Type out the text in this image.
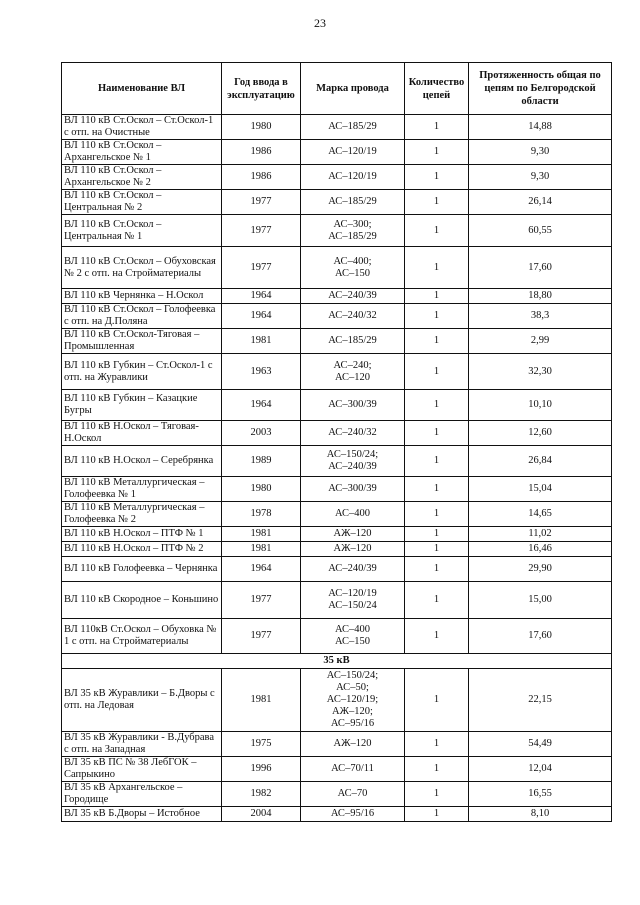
23
Наименование ВЛ	Год ввода в эксплуатацию	Марка провода	Количество цепей	Протяженность общая по цепям по Белгородской области
ВЛ 110 кВ Ст.Оскол – Ст.Оскол-1 с отп. на Очистные	1980	АС–185/29	1	14,88
ВЛ 110 кВ Ст.Оскол – Архангельское № 1	1986	АС–120/19	1	9,30
ВЛ 110 кВ Ст.Оскол – Архангельское № 2	1986	АС–120/19	1	9,30
ВЛ 110 кВ Ст.Оскол – Центральная № 2	1977	АС–185/29	1	26,14
ВЛ 110 кВ Ст.Оскол – Центральная № 1	1977	АС–300;
АС–185/29	1	60,55
ВЛ 110 кВ Ст.Оскол – Обуховская № 2 с отп. на Стройматериалы	1977	АС–400;
АС–150	1	17,60
ВЛ 110 кВ Чернянка – Н.Оскол	1964	АС–240/39	1	18,80
ВЛ 110 кВ Ст.Оскол – Голофеевка с отп. на Д.Поляна	1964	АС–240/32	1	38,3
ВЛ 110 кВ Ст.Оскол-Тяговая – Промышленная	1981	АС–185/29	1	2,99
ВЛ 110 кВ Губкин – Ст.Оскол-1 с отп. на Журавлики	1963	АС–240;
АС–120	1	32,30
ВЛ 110 кВ Губкин – Казацкие Бугры	1964	АС–300/39	1	10,10
ВЛ 110 кВ Н.Оскол – Тяговая-Н.Оскол	2003	АС–240/32	1	12,60
ВЛ 110 кВ Н.Оскол – Серебрянка	1989	АС–150/24;
АС–240/39	1	26,84
ВЛ 110 кВ Металлургическая – Голофеевка № 1	1980	АС–300/39	1	15,04
ВЛ 110 кВ Металлургическая – Голофеевка № 2	1978	АС–400	1	14,65
ВЛ 110 кВ Н.Оскол – ПТФ № 1	1981	АЖ–120	1	11,02
ВЛ 110 кВ Н.Оскол – ПТФ № 2	1981	АЖ–120	1	16,46
ВЛ 110 кВ Голофеевка – Чернянка	1964	АС–240/39	1	29,90
ВЛ 110 кВ Скородное – Коньшино	1977	АС–120/19
АС–150/24	1	15,00
ВЛ 110кВ Ст.Оскол – Обуховка № 1 с отп. на Стройматериалы	1977	АС–400
АС–150	1	17,60
35 кВ				
ВЛ 35 кВ Журавлики – Б.Дворы с отп. на Ледовая	1981	АС–150/24;
АС–50;
АС–120/19;
АЖ–120;
АС–95/16	1	22,15
ВЛ 35 кВ Журавлики - В.Дубрава с отп. на Западная	1975	АЖ–120	1	54,49
ВЛ 35 кВ ПС № 38 ЛебГОК – Сапрыкино	1996	АС–70/11	1	12,04
ВЛ 35 кВ Архангельское – Городище	1982	АС–70	1	16,55
ВЛ 35 кВ Б.Дворы – Истобное	2004	АС–95/16	1	8,10
